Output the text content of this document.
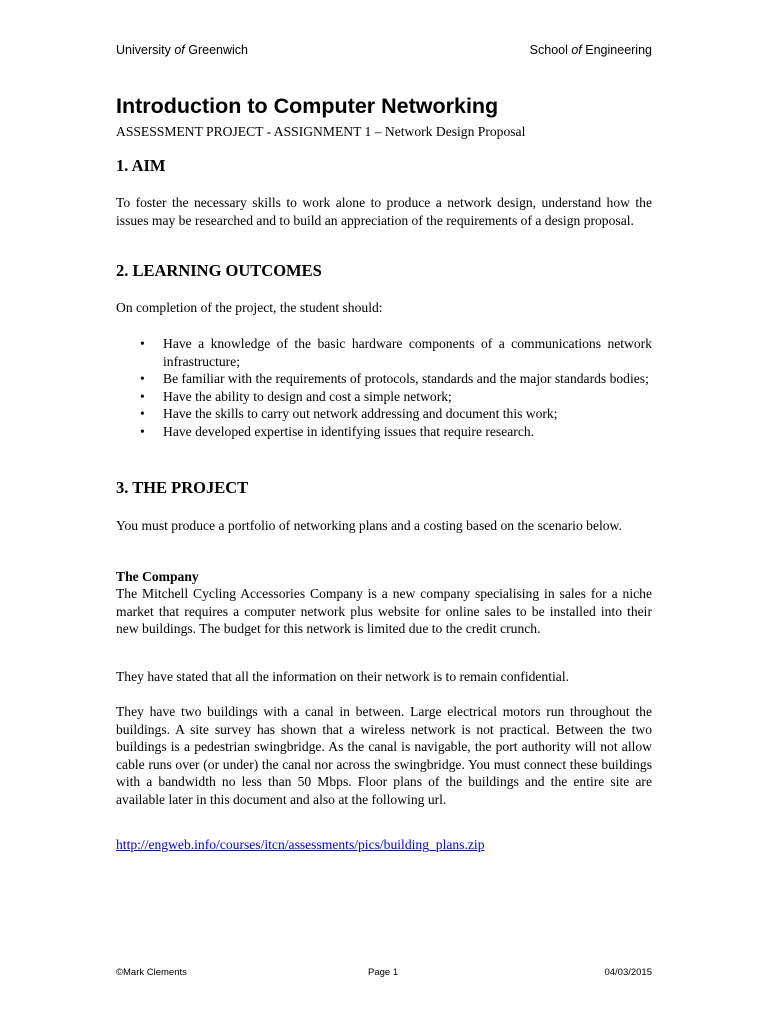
University of Greenwich	School of Engineering
Introduction to Computer Networking
ASSESSMENT PROJECT - ASSIGNMENT 1 – Network Design Proposal
1. AIM

To foster the necessary skills to work alone to produce a network design, understand how the issues may be researched and to build an appreciation of the requirements of a design proposal.

2. LEARNING OUTCOMES

On completion of the project, the student should:

• Have a knowledge of the basic hardware components of a communications network infrastructure;
• Be familiar with the requirements of protocols, standards and the major standards bodies;
• Have the ability to design and cost a simple network;
• Have the skills to carry out network addressing and document this work;
• Have developed expertise in identifying issues that require research.
3. THE PROJECT

You must produce a portfolio of networking plans and a costing based on the scenario below.

The Company

The Mitchell Cycling Accessories Company is a new company specialising in sales for a niche market that requires a computer network plus website for online sales to be installed into their new buildings. The budget for this network is limited due to the credit crunch.

They have stated that all the information on their network is to remain confidential.

They have two buildings with a canal in between. Large electrical motors run throughout the buildings. A site survey has shown that a wireless network is not practical. Between the two buildings is a pedestrian swingbridge. As the canal is navigable, the port authority will not allow cable runs over (or under) the canal nor across the swingbridge. You must connect these buildings with a bandwidth no less than 50 Mbps. Floor plans of the buildings and the entire site are available later in this document and also at the following url.

http://engweb.info/courses/itcn/assessments/pics/building_plans.zip
©Mark Clements	Page 1	04/03/2015
